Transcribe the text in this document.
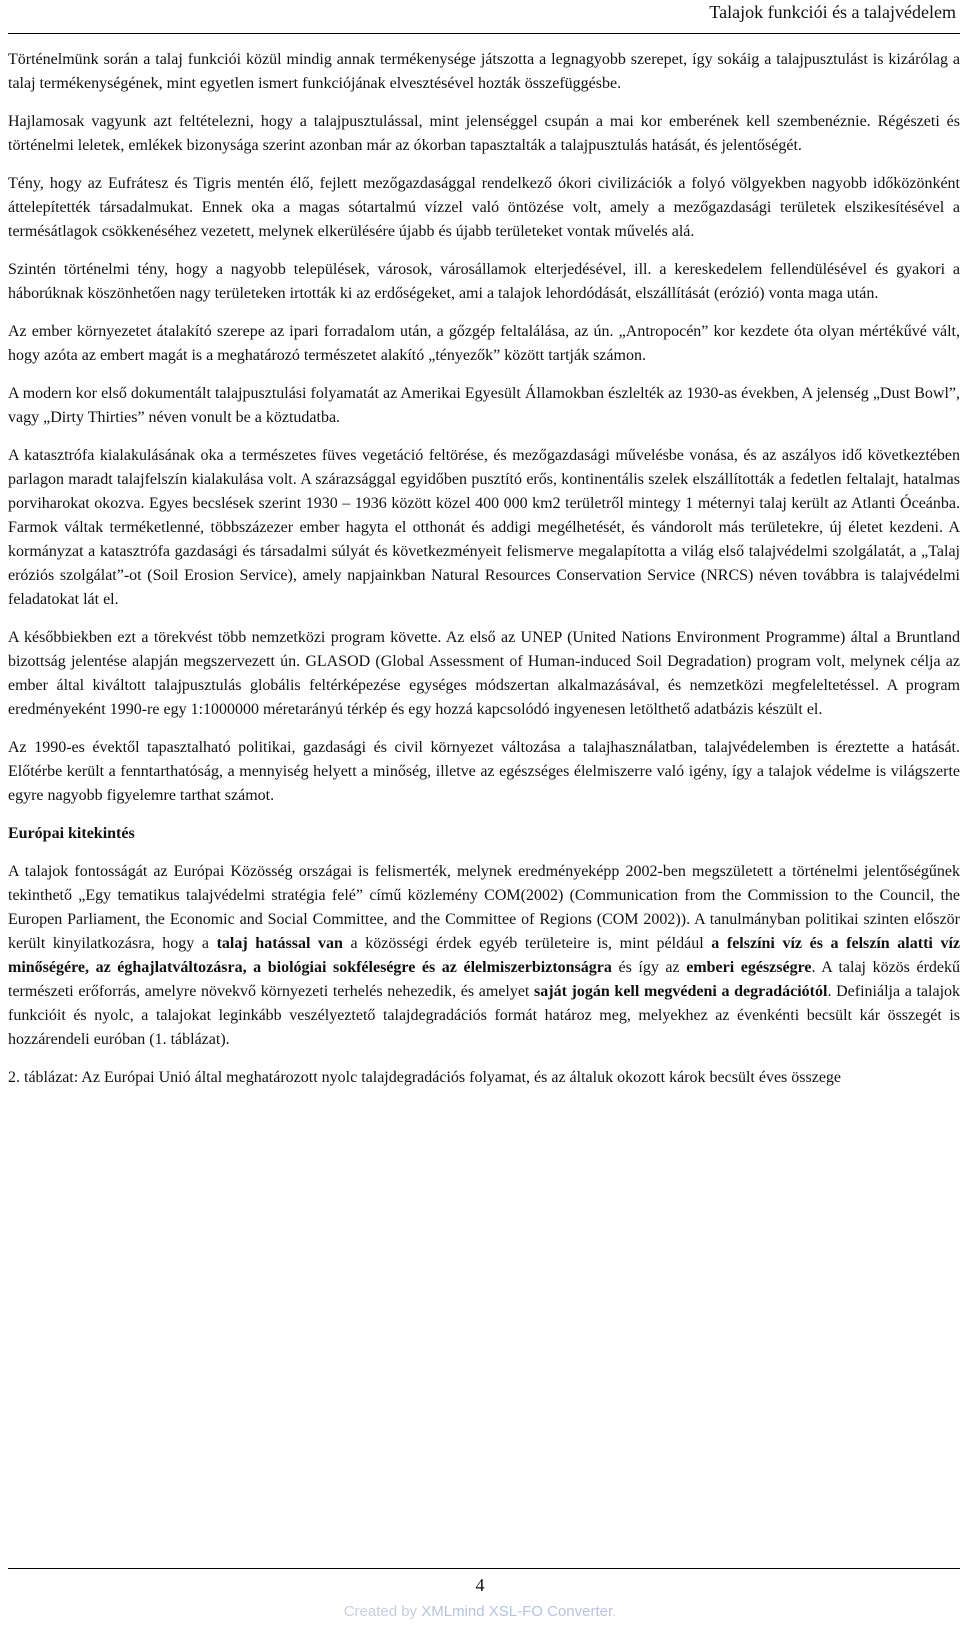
Talajok funkciói és a talajvédelem

Történelmünk során a talaj funkciói közül mindig annak termékenysége játszotta a legnagyobb szerepet, így sokáig a talajpusztulást is kizárólag a talaj termékenységének, mint egyetlen ismert funkciójának elvesztésével hozták összefüggésbe.

Hajlamosak vagyunk azt feltételezni, hogy a talajpusztulással, mint jelenséggel csupán a mai kor emberének kell szembenéznie. Régészeti és történelmi leletek, emlékek bizonysága szerint azonban már az ókorban tapasztalták a talajpusztulás hatását, és jelentőségét.

Tény, hogy az Eufrátesz és Tigris mentén élő, fejlett mezőgazdasággal rendelkező ókori civilizációk a folyó völgyekben nagyobb időközönként áttelepítették társadalmukat. Ennek oka a magas sótartalmú vízzel való öntözése volt, amely a mezőgazdasági területek elszikesítésével a termésátlagok csökkenéséhez vezetett, melynek elkerülésére újabb és újabb területeket vontak művelés alá.

Szintén történelmi tény, hogy a nagyobb települések, városok, városállamok elterjedésével, ill. a kereskedelem fellendülésével és gyakori a háborúknak köszönhetően nagy területeken irtották ki az erdőségeket, ami a talajok lehordódását, elszállítását (erózió) vonta maga után.

Az ember környezetet átalakító szerepe az ipari forradalom után, a gőzgép feltalálása, az ún. „Antropocén” kor kezdete óta olyan mértékűvé vált, hogy azóta az embert magát is a meghatározó természetet alakító „tényezők” között tartják számon.

A modern kor első dokumentált talajpusztulási folyamatát az Amerikai Egyesült Államokban észlelték az 1930-as években, A jelenség „Dust Bowl”, vagy „Dirty Thirties” néven vonult be a köztudatba.

A katasztrófa kialakulásának oka a természetes füves vegetáció feltörése, és mezőgazdasági művelésbe vonása, és az aszályos idő következtében parlagon maradt talajfelszín kialakulása volt. A szárazsággal egyidőben pusztító erős, kontinentális szelek elszállították a fedetlen feltalajt, hatalmas porviharokat okozva. Egyes becslések szerint 1930 – 1936 között közel 400 000 km2 területről mintegy 1 méternyi talaj került az Atlanti Óceánba. Farmok váltak terméketlenné, többszázezer ember hagyta el otthonát és addigi megélhetését, és vándorolt más területekre, új életet kezdeni. A kormányzat a katasztrófa gazdasági és társadalmi súlyát és következményeit felismerve megalapította a világ első talajvédelmi szolgálatát, a „Talaj eróziós szolgálat”-ot (Soil Erosion Service), amely napjainkban Natural Resources Conservation Service (NRCS) néven továbbra is talajvédelmi feladatokat lát el.

A későbbiekben ezt a törekvést több nemzetközi program követte. Az első az UNEP (United Nations Environment Programme) által a Bruntland bizottság jelentése alapján megszervezett ún. GLASOD (Global Assessment of Human-induced Soil Degradation) program volt, melynek célja az ember által kiváltott talajpusztulás globális feltérképezése egységes módszertan alkalmazásával, és nemzetközi megfeleltetéssel. A program eredményeként 1990-re egy 1:1000000 méretarányú térkép és egy hozzá kapcsolódó ingyenesen letölthető adatbázis készült el.

Az 1990-es évektől tapasztalható politikai, gazdasági és civil környezet változása a talajhasználatban, talajvédelemben is éreztette a hatását. Előtérbe került a fenntarthatóság, a mennyiség helyett a minőség, illetve az egészséges élelmiszerre való igény, így a talajok védelme is világszerte egyre nagyobb figyelemre tarthat számot.

Európai kitekintés

A talajok fontosságát az Európai Közösség országai is felismerték, melynek eredményeképp 2002-ben megszületett a történelmi jelentőségűnek tekinthető „Egy tematikus talajvédelmi stratégia felé” című közlemény COM(2002) (Communication from the Commission to the Council, the Europen Parliament, the Economic and Social Committee, and the Committee of Regions (COM 2002)). A tanulmányban politikai szinten először került kinyilatkozásra, hogy a talaj hatással van a közösségi érdek egyéb területeire is, mint például a felszíni víz és a felszín alatti víz minőségére, az éghajlatváltozásra, a biológiai sokféleségre és az élelmiszerbiztonságra és így az emberi egészségre. A talaj közös érdekű természeti erőforrás, amelyre növekvő környezeti terhelés nehezedik, és amelyet saját jogán kell megvédeni a degradációtól. Definiálja a talajok funkcióit és nyolc, a talajokat leginkább veszélyeztető talajdegradációs formát határoz meg, melyekhez az évenkénti becsült kár összegét is hozzárendeli euróban (1. táblázat).

2. táblázat: Az Európai Unió által meghatározott nyolc talajdegradációs folyamat, és az általuk okozott károk becsült éves összege

4
Created by XMLmind XSL-FO Converter.
